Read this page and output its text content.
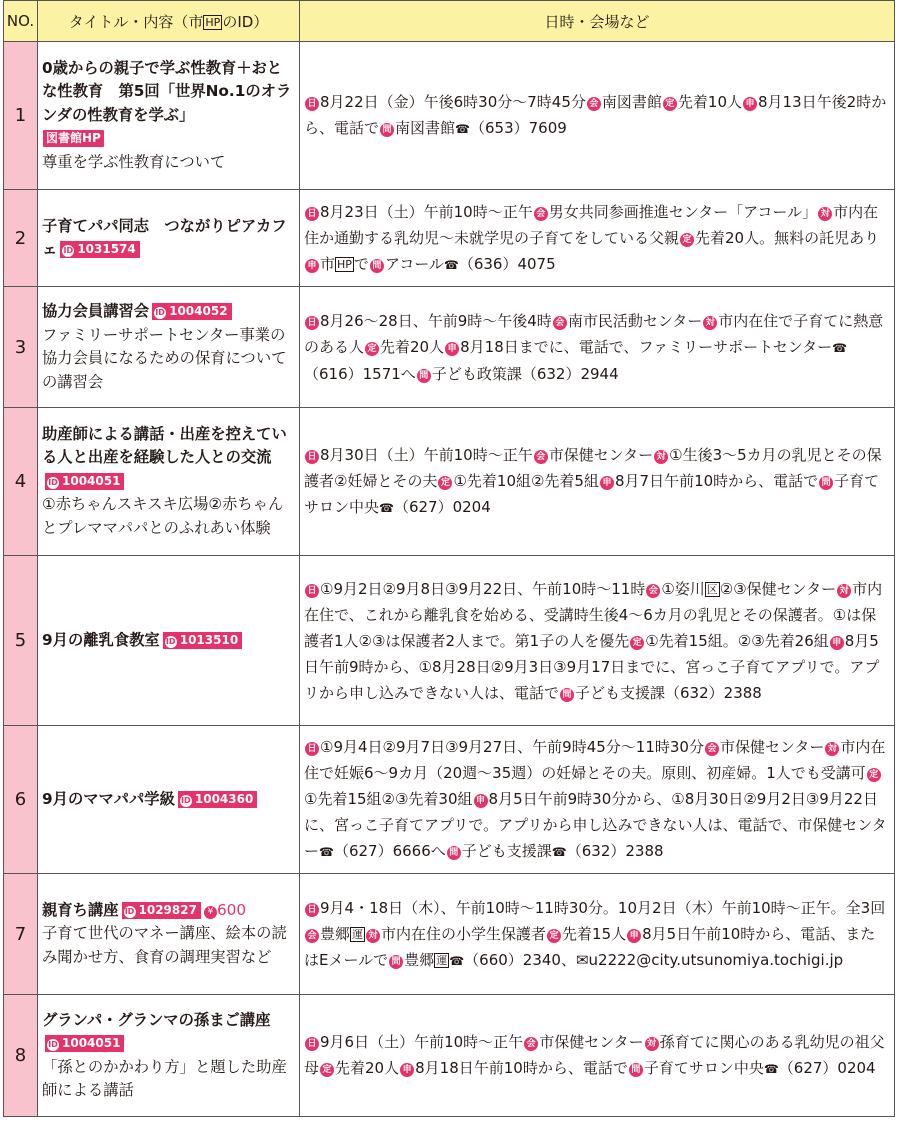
NO.	タイトル・内容（市 HP のID）	日時・会場など
1	0歳からの親子で学ぶ性教育＋おとな性教育　第5回「世界No.1のオランダの性教育を学ぶ」
図書館HP
尊重を学ぶ性教育について	日 8月22日（金）午後6時30分～7時45分 会 南図書館 定 先着10人 申 8月13日午後2時から、電話で 問 南図書館☎（653）7609
2	子育てパパ同志　つながりピアカフェ ID 1031574	日 8月23日（土）午前10時～正午 会 男女共同参画推進センター「アコール」 対 市内在住か通勤する乳幼児～未就学児の子育てをしている父親 定 先着20人。無料の託児あり申 市 HP で 問 アコール☎（636）4075
3	協力会員講習会 ID 1004052
ファミリーサポートセンター事業の協力会員になるための保育についての講習会	日 8月26～28日、午前9時～午後4時 会 南市民活動センター 対 市内在住で子育てに熱意のある人 定 先着20人 申 8月18日までに、電話で、ファミリーサポートセンター☎（616）1571へ 問 子ども政策課（632）2944
4	助産師による講話・出産を控えている人と出産を経験した人との交流
ID 1004051
①赤ちゃんスキスキ広場②赤ちゃんとプレママパパとのふれあい体験	日 8月30日（土）午前10時～正午 会 市保健センター 対 ①生後3～5カ月の乳児とその保護者②妊婦とその夫 定 ①先着10組②先着5組 申 8月7日午前10時から、電話で 問 子育てサロン中央☎（627）0204
5	9月の離乳食教室 ID 1013510	日 ①9月2日②9月8日③9月22日、午前10時～11時 会 ①姿川 区 ②③保健センター 対 市内在住で、これから離乳食を始める、受講時生後4～6カ月の乳児とその保護者。①は保護者1人②③は保護者2人まで。第1子の人を優先 定 ①先着15組。②③先着26組 申 8月5日午前9時から、①8月28日②9月3日③9月17日までに、宮っこ子育てアプリで。アプリから申し込みできない人は、電話で 問 子ども支援課（632）2388
6	9月のママパパ学級 ID 1004360	日 ①9月4日②9月7日③9月27日、午前9時45分～11時30分 会 市保健センター 対 市内在住で妊娠6～9カ月（20週～35週）の妊婦とその夫。原則、初産婦。1人でも受講可 定①先着15組②③先着30組 申 8月5日午前9時30分から、①8月30日②9月2日③9月22日に、宮っこ子育てアプリで。アプリから申し込みできない人は、電話で、市保健センター☎（627）6666へ 問 子ども支援課☎（632）2388
7	親育ち講座 ID 1029827 ¥ 600
子育て世代のマネー講座、絵本の読み聞かせ方、食育の調理実習など	日 9月4・18日（木）、午前10時～11時30分。10月2日（木）午前10時～正午。全3回会 豊郷 運 対 市内在住の小学生保護者 定 先着15人 申 8月5日午前10時から、電話、またはEメールで 問 豊郷 運 ☎（660）2340、✉u2222@city.utsunomiya.tochigi.jp
8	グランパ・グランマの孫まご講座
ID 1004051
「孫とのかかわり方」と題した助産師による講話	日 9月6日（土）午前10時～正午 会 市保健センター 対 孫育てに関心のある乳幼児の祖父母 定 先着20人 申 8月18日午前10時から、電話で 問 子育てサロン中央☎（627）0204
